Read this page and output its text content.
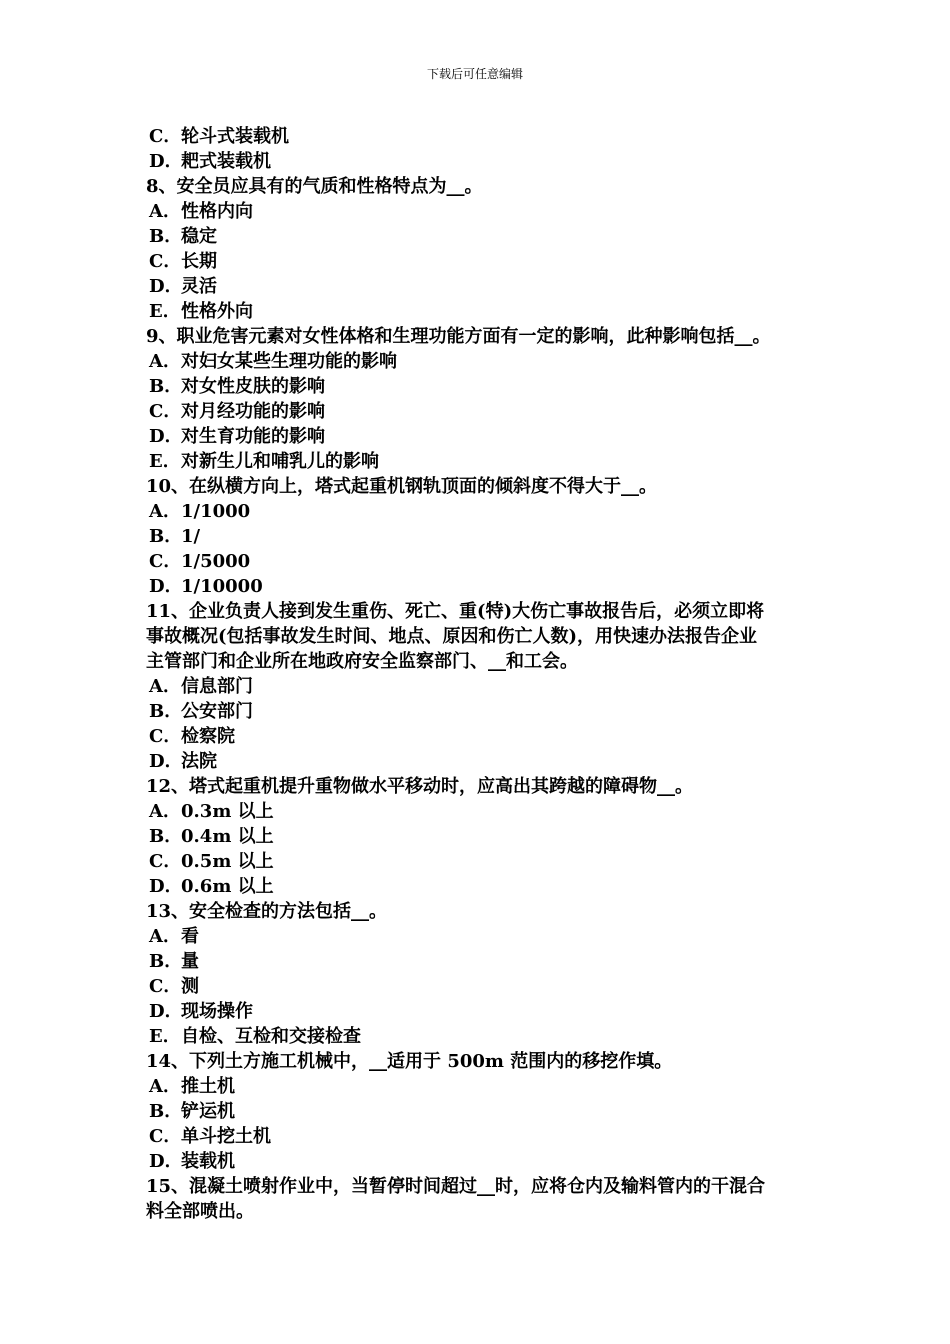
下载后可任意编辑
C．轮斗式装载机
D．耙式装载机
8、安全员应具有的气质和性格特点为__。
A．性格内向
B．稳定
C．长期
D．灵活
E．性格外向
9、职业危害元素对女性体格和生理功能方面有一定的影响，此种影响包括__。
A．对妇女某些生理功能的影响
B．对女性皮肤的影响
C．对月经功能的影响
D．对生育功能的影响
E．对新生儿和哺乳儿的影响
10、在纵横方向上，塔式起重机钢轨顶面的倾斜度不得大于__。
A．1/1000
B．1/
C．1/5000
D．1/10000
11、企业负责人接到发生重伤、死亡、重(特)大伤亡事故报告后，必须立即将
事故概况(包括事故发生时间、地点、原因和伤亡人数)，用快速办法报告企业
主管部门和企业所在地政府安全监察部门、__和工会。
A．信息部门
B．公安部门
C．检察院
D．法院
12、塔式起重机提升重物做水平移动时，应高出其跨越的障碍物__。
A．0.3m 以上
B．0.4m 以上
C．0.5m 以上
D．0.6m 以上
13、安全检查的方法包括__。
A．看
B．量
C．测
D．现场操作
E．自检、互检和交接检查
14、下列土方施工机械中，__适用于 500m 范围内的移挖作填。
A．推土机
B．铲运机
C．单斗挖土机
D．装载机
15、混凝土喷射作业中，当暂停时间超过__时，应将仓内及输料管内的干混合
料全部喷出。
